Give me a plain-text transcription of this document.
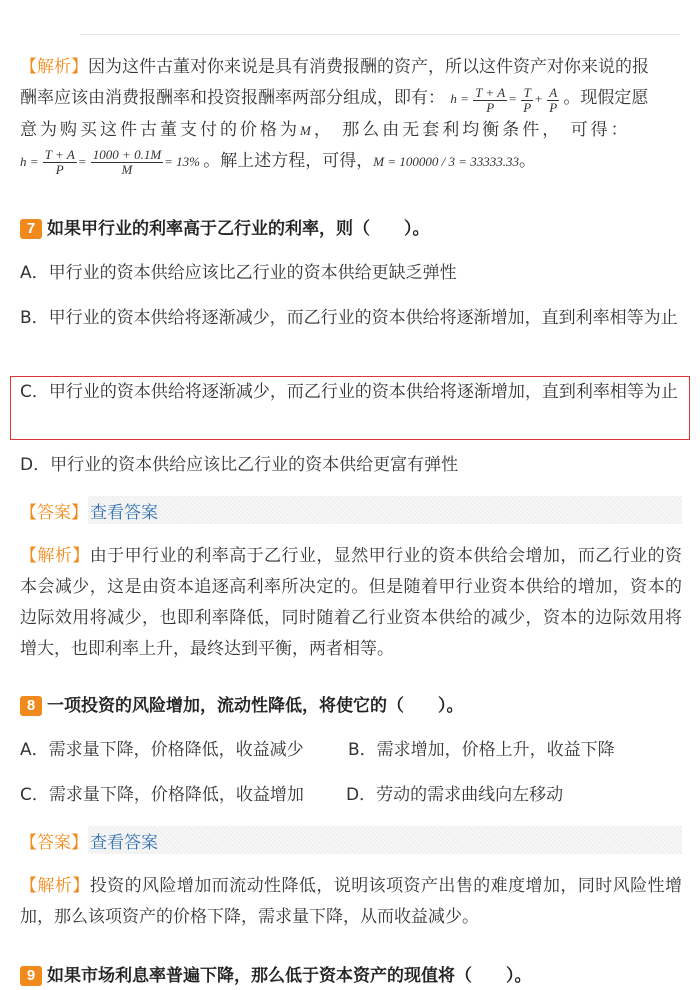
【解析】因为这件古董对你来说是具有消费报酬的资产，所以这件资产对你来说的报
酬率应该由消费报酬率和投资报酬率两部分组成，即有： $h = \frac{T + A}{P} = \frac{T}{P} + \frac{A}{P}$ 。现假定愿
意为购买这件古董支付的价格为M， 那么由无套利均衡条件， 可得：
$h = \frac{T + A}{P} = \frac{1000 + 0.1M}{M} = 13\%$ 。解上述方程，可得，M = 100000 / 3 = 33333.33。
7 如果甲行业的利率高于乙行业的利率，则（　　）。
A．甲行业的资本供给应该比乙行业的资本供给更缺乏弹性
B．甲行业的资本供给将逐渐减少，而乙行业的资本供给将逐渐增加，直到利率相等为止
C．甲行业的资本供给将逐渐减少，而乙行业的资本供给将逐渐增加，直到利率相等为止
D．甲行业的资本供给应该比乙行业的资本供给更富有弹性
【答案】 查看答案
【解析】由于甲行业的利率高于乙行业，显然甲行业的资本供给会增加，而乙行业的资本会减少，这是由资本追逐高利率所决定的。但是随着甲行业资本供给的增加，资本的边际效用将减少，也即利率降低，同时随着乙行业资本供给的减少，资本的边际效用将增大，也即利率上升，最终达到平衡，两者相等。
8 一项投资的风险增加，流动性降低，将使它的（　　）。
A．需求量下降，价格降低，收益减少	B．需求增加，价格上升，收益下降
C．需求量下降，价格降低，收益增加	D．劳动的需求曲线向左移动
【答案】 查看答案
【解析】投资的风险增加而流动性降低，说明该项资产出售的难度增加，同时风险性增加，那么该项资产的价格下降，需求量下降，从而收益减少。
9 如果市场利息率普遍下降，那么低于资本资产的现值将（　　）。
